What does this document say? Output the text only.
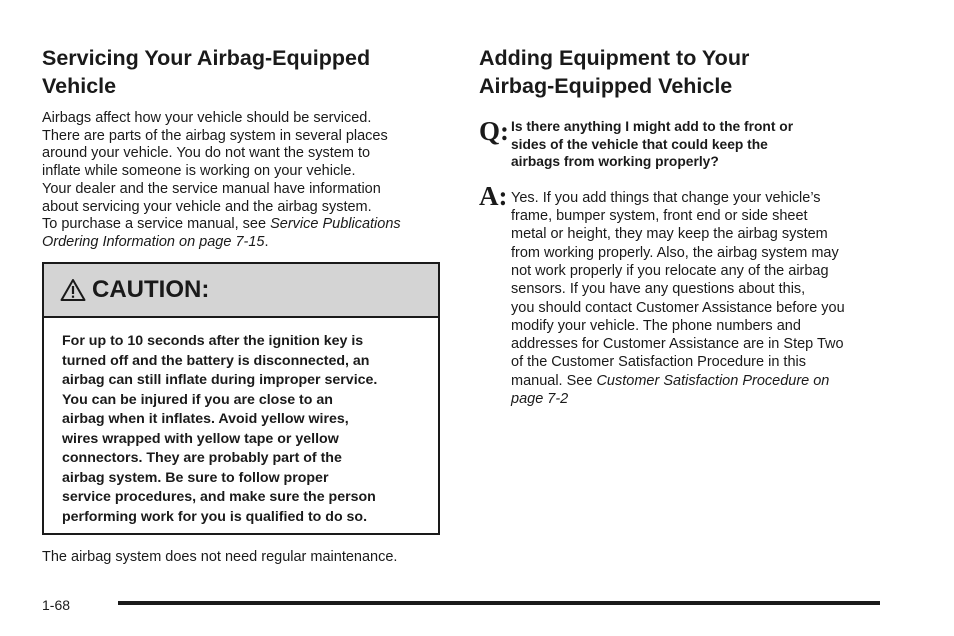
Servicing Your Airbag-Equipped
Vehicle
Airbags affect how your vehicle should be serviced.
There are parts of the airbag system in several places
around your vehicle. You do not want the system to
inflate while someone is working on your vehicle.
Your dealer and the service manual have information
about servicing your vehicle and the airbag system.
To purchase a service manual, see Service Publications
Ordering Information on page 7-15.
CAUTION:
For up to 10 seconds after the ignition key is
turned off and the battery is disconnected, an
airbag can still inflate during improper service.
You can be injured if you are close to an
airbag when it inflates. Avoid yellow wires,
wires wrapped with yellow tape or yellow
connectors. They are probably part of the
airbag system. Be sure to follow proper
service procedures, and make sure the person
performing work for you is qualified to do so.
The airbag system does not need regular maintenance.
Adding Equipment to Your
Airbag-Equipped Vehicle
Q: Is there anything I might add to the front or
sides of the vehicle that could keep the
airbags from working properly?
A: Yes. If you add things that change your vehicle’s
frame, bumper system, front end or side sheet
metal or height, they may keep the airbag system
from working properly. Also, the airbag system may
not work properly if you relocate any of the airbag
sensors. If you have any questions about this,
you should contact Customer Assistance before you
modify your vehicle. The phone numbers and
addresses for Customer Assistance are in Step Two
of the Customer Satisfaction Procedure in this
manual. See Customer Satisfaction Procedure on
page 7-2
1-68
